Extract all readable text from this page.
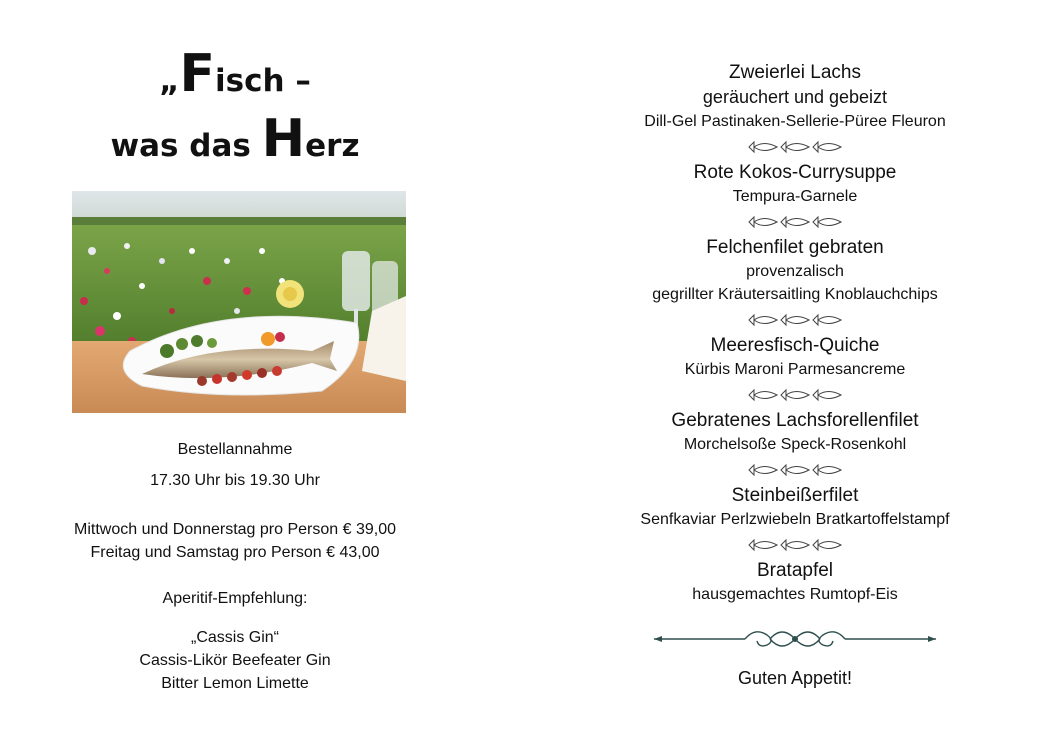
„Fisch –
was das Herz
Bestellannahme
17.30 Uhr bis 19.30 Uhr
Mittwoch und Donnerstag pro Person € 39,00
Freitag und Samstag pro Person € 43,00
Aperitif-Empfehlung:
„Cassis Gin“
Cassis-Likör Beefeater Gin
Bitter Lemon Limette
Zweierlei Lachs
geräuchert und gebeizt
Dill-Gel Pastinaken-Sellerie-Püree Fleuron
Rote Kokos-Currysuppe
Tempura-Garnele
Felchenfilet gebraten
provenzalisch
gegrillter Kräutersaitling Knoblauchchips
Meeresfisch-Quiche
Kürbis Maroni Parmesancreme
Gebratenes Lachsforellenfilet
Morchelsoße Speck-Rosenkohl
Steinbeißerfilet
Senfkaviar Perlzwiebeln Bratkartoffelstampf
Bratapfel
hausgemachtes Rumtopf-Eis
Guten Appetit!
